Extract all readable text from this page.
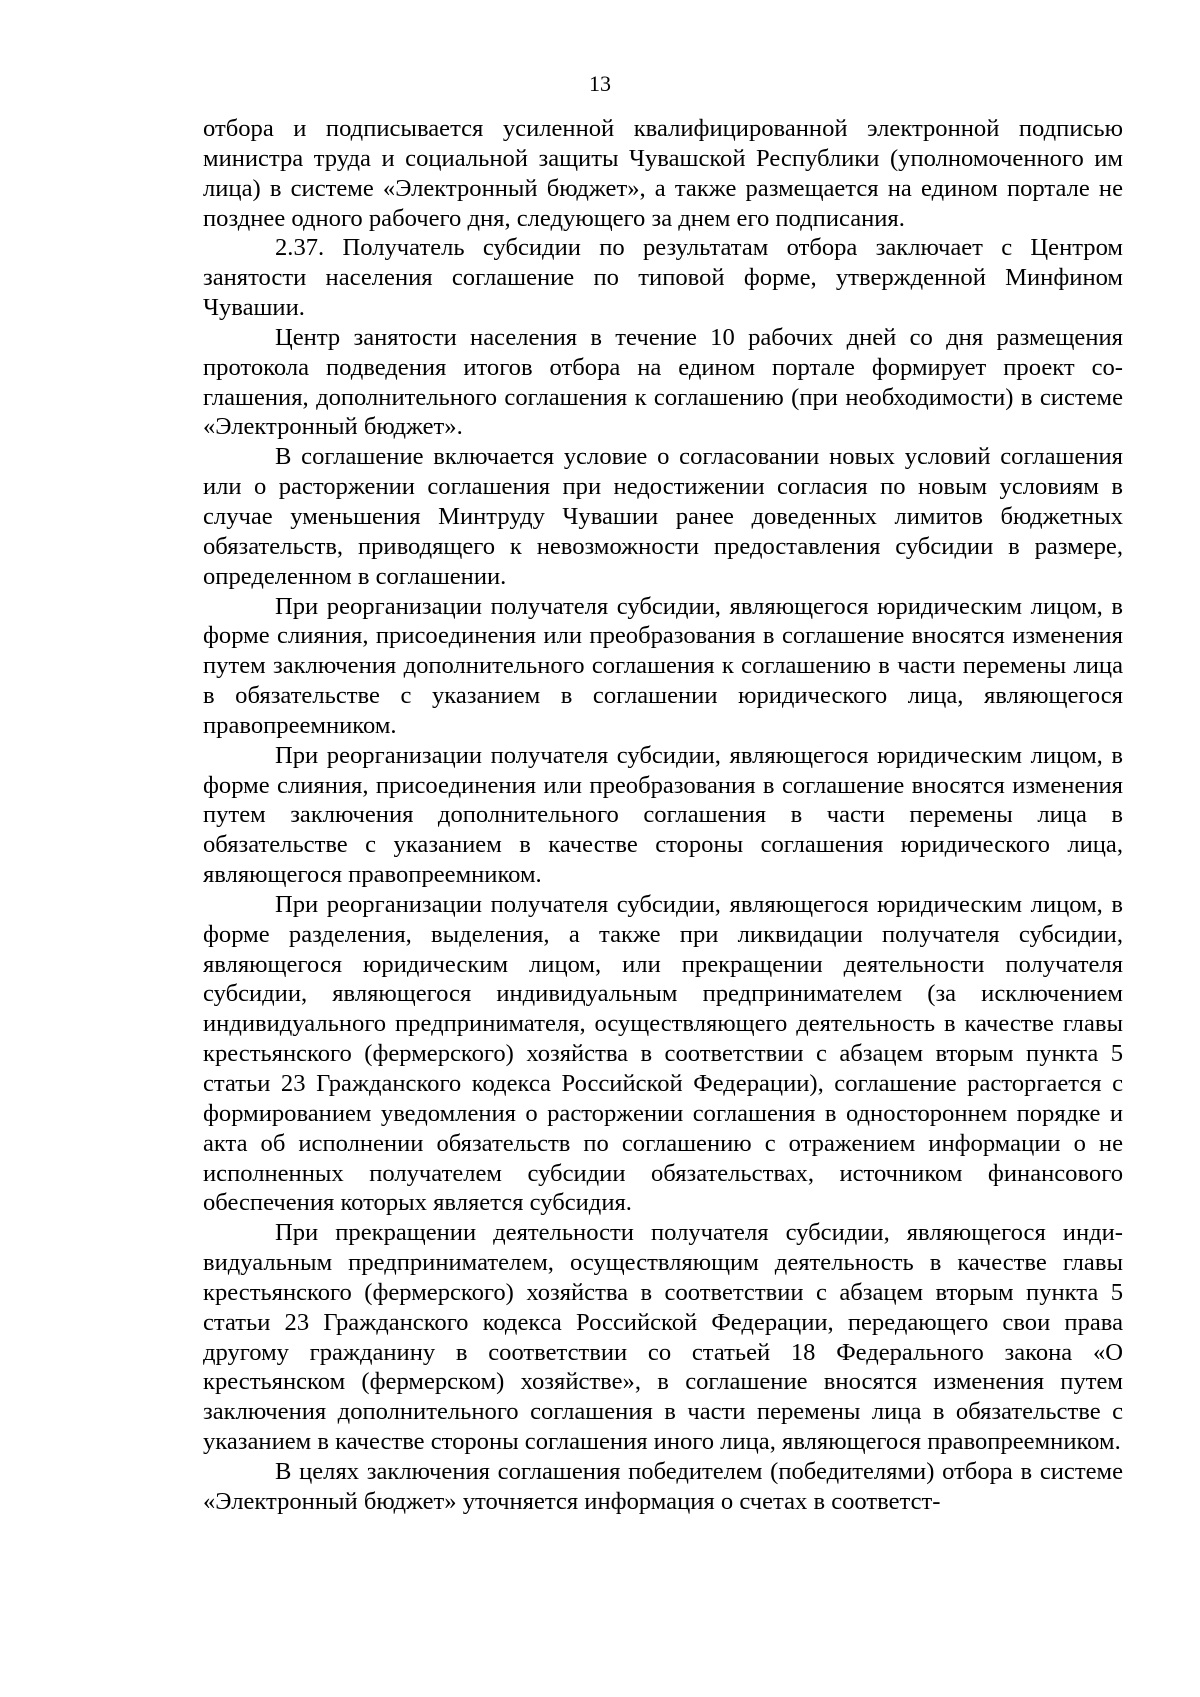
13

отбора и подписывается усиленной квалифицированной электронной подписью министра труда и социальной защиты Чувашской Республики (уполномоченного им лица) в системе «Электронный бюджет», а также размещается на едином портале не позднее одного рабочего дня, следующего за днем его подписания.

2.37. Получатель субсидии по результатам отбора заключает с Центром занятости населения соглашение по типовой форме, утвержденной Минфином Чувашии.

Центр занятости населения в течение 10 рабочих дней со дня размещения протокола подведения итогов отбора на едином портале формирует проект соглашения, дополнительного соглашения к соглашению (при необходимости) в системе «Электронный бюджет».

В соглашение включается условие о согласовании новых условий соглашения или о расторжении соглашения при недостижении согласия по новым условиям в случае уменьшения Минтруду Чувашии ранее доведенных лимитов бюджетных обязательств, приводящего к невозможности предоставления субсидии в размере, определенном в соглашении.

При реорганизации получателя субсидии, являющегося юридическим лицом, в форме слияния, присоединения или преобразования в соглашение вносятся изменения путем заключения дополнительного соглашения к соглашению в части перемены лица в обязательстве с указанием в соглашении юридического лица, являющегося правопреемником.

При реорганизации получателя субсидии, являющегося юридическим лицом, в форме слияния, присоединения или преобразования в соглашение вносятся изменения путем заключения дополнительного соглашения в части перемены лица в обязательстве с указанием в качестве стороны соглашения юридического лица, являющегося правопреемником.

При реорганизации получателя субсидии, являющегося юридическим лицом, в форме разделения, выделения, а также при ликвидации получателя субсидии, являющегося юридическим лицом, или прекращении деятельности получателя субсидии, являющегося индивидуальным предпринимателем (за исключением индивидуального предпринимателя, осуществляющего деятельность в качестве главы крестьянского (фермерского) хозяйства в соответствии с абзацем вторым пункта 5 статьи 23 Гражданского кодекса Российской Федерации), соглашение расторгается с формированием уведомления о расторжении соглашения в одностороннем порядке и акта об исполнении обязательств по соглашению с отражением информации о не исполненных получателем субсидии обязательствах, источником финансового обеспечения которых является субсидия.

При прекращении деятельности получателя субсидии, являющегося индивидуальным предпринимателем, осуществляющим деятельность в качестве главы крестьянского (фермерского) хозяйства в соответствии с абзацем вторым пункта 5 статьи 23 Гражданского кодекса Российской Федерации, передающего свои права другому гражданину в соответствии со статьей 18 Федерального закона «О крестьянском (фермерском) хозяйстве», в соглашение вносятся изменения путем заключения дополнительного соглашения в части перемены лица в обязательстве с указанием в качестве стороны соглашения иного лица, являющегося правопреемником.

В целях заключения соглашения победителем (победителями) отбора в системе «Электронный бюджет» уточняется информация о счетах в соответст-
